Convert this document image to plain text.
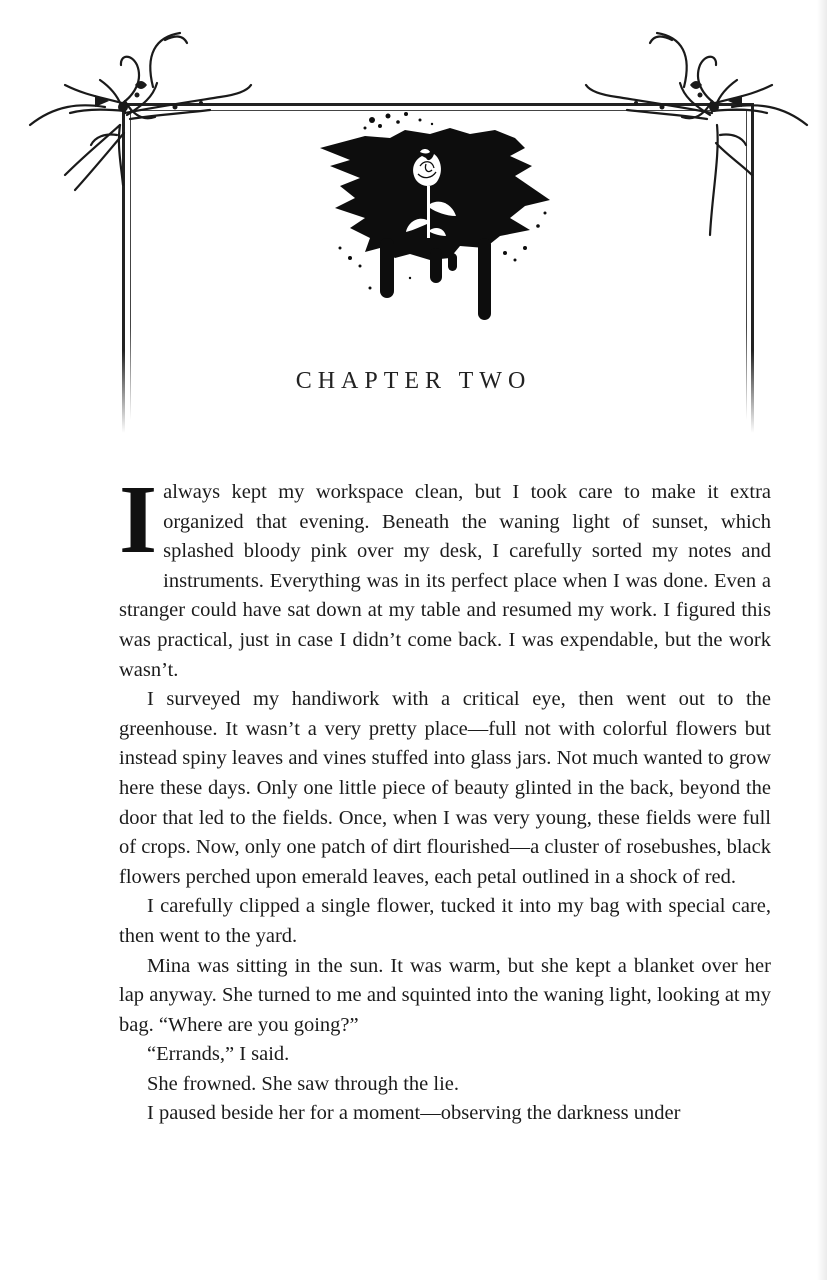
CHAPTER TWO

I always kept my workspace clean, but I took care to make it extra organized that evening. Beneath the waning light of sunset, which splashed bloody pink over my desk, I carefully sorted my notes and instruments. Everything was in its perfect place when I was done. Even a stranger could have sat down at my table and resumed my work. I figured this was practical, just in case I didn’t come back. I was expendable, but the work wasn’t.

I surveyed my handiwork with a critical eye, then went out to the greenhouse. It wasn’t a very pretty place—full not with colorful flowers but instead spiny leaves and vines stuffed into glass jars. Not much wanted to grow here these days. Only one little piece of beauty glinted in the back, beyond the door that led to the fields. Once, when I was very young, these fields were full of crops. Now, only one patch of dirt flourished—a cluster of rosebushes, black flowers perched upon emerald leaves, each petal outlined in a shock of red.

I carefully clipped a single flower, tucked it into my bag with special care, then went to the yard.

Mina was sitting in the sun. It was warm, but she kept a blanket over her lap anyway. She turned to me and squinted into the waning light, looking at my bag. “Where are you going?”

“Errands,” I said.

She frowned. She saw through the lie.

I paused beside her for a moment—observing the darkness under
